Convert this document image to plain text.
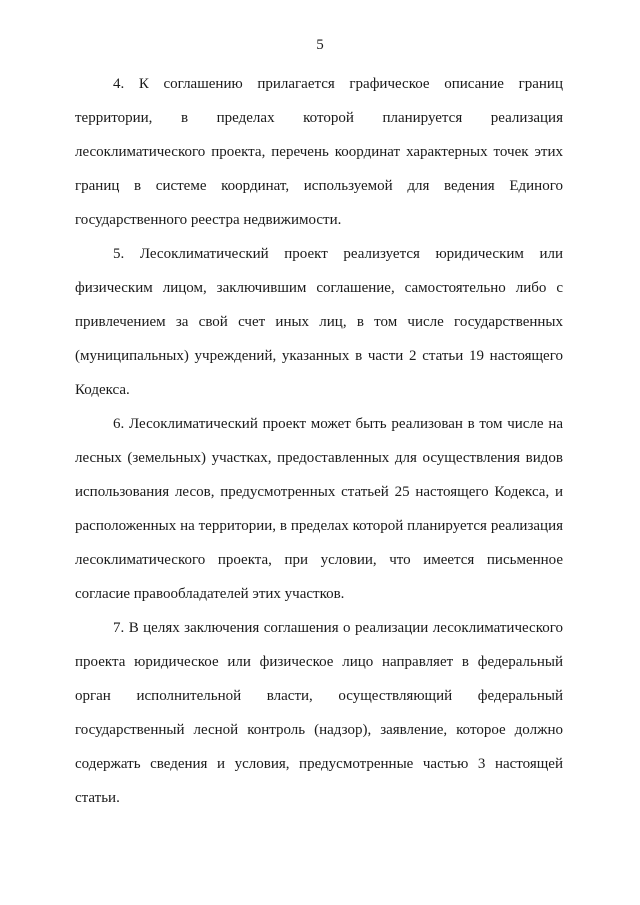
5

4. К соглашению прилагается графическое описание границ территории, в пределах которой планируется реализация лесоклиматического проекта, перечень координат характерных точек этих границ в системе координат, используемой для ведения Единого государственного реестра недвижимости.

5. Лесоклиматический проект реализуется юридическим или физическим лицом, заключившим соглашение, самостоятельно либо с привлечением за свой счет иных лиц, в том числе государственных (муниципальных) учреждений, указанных в части 2 статьи 19 настоящего Кодекса.

6. Лесоклиматический проект может быть реализован в том числе на лесных (земельных) участках, предоставленных для осуществления видов использования лесов, предусмотренных статьей 25 настоящего Кодекса, и расположенных на территории, в пределах которой планируется реализация лесоклиматического проекта, при условии, что имеется письменное согласие правообладателей этих участков.

7. В целях заключения соглашения о реализации лесоклиматического проекта юридическое или физическое лицо направляет в федеральный орган исполнительной власти, осуществляющий федеральный государственный лесной контроль (надзор), заявление, которое должно содержать сведения и условия, предусмотренные частью 3 настоящей статьи.
